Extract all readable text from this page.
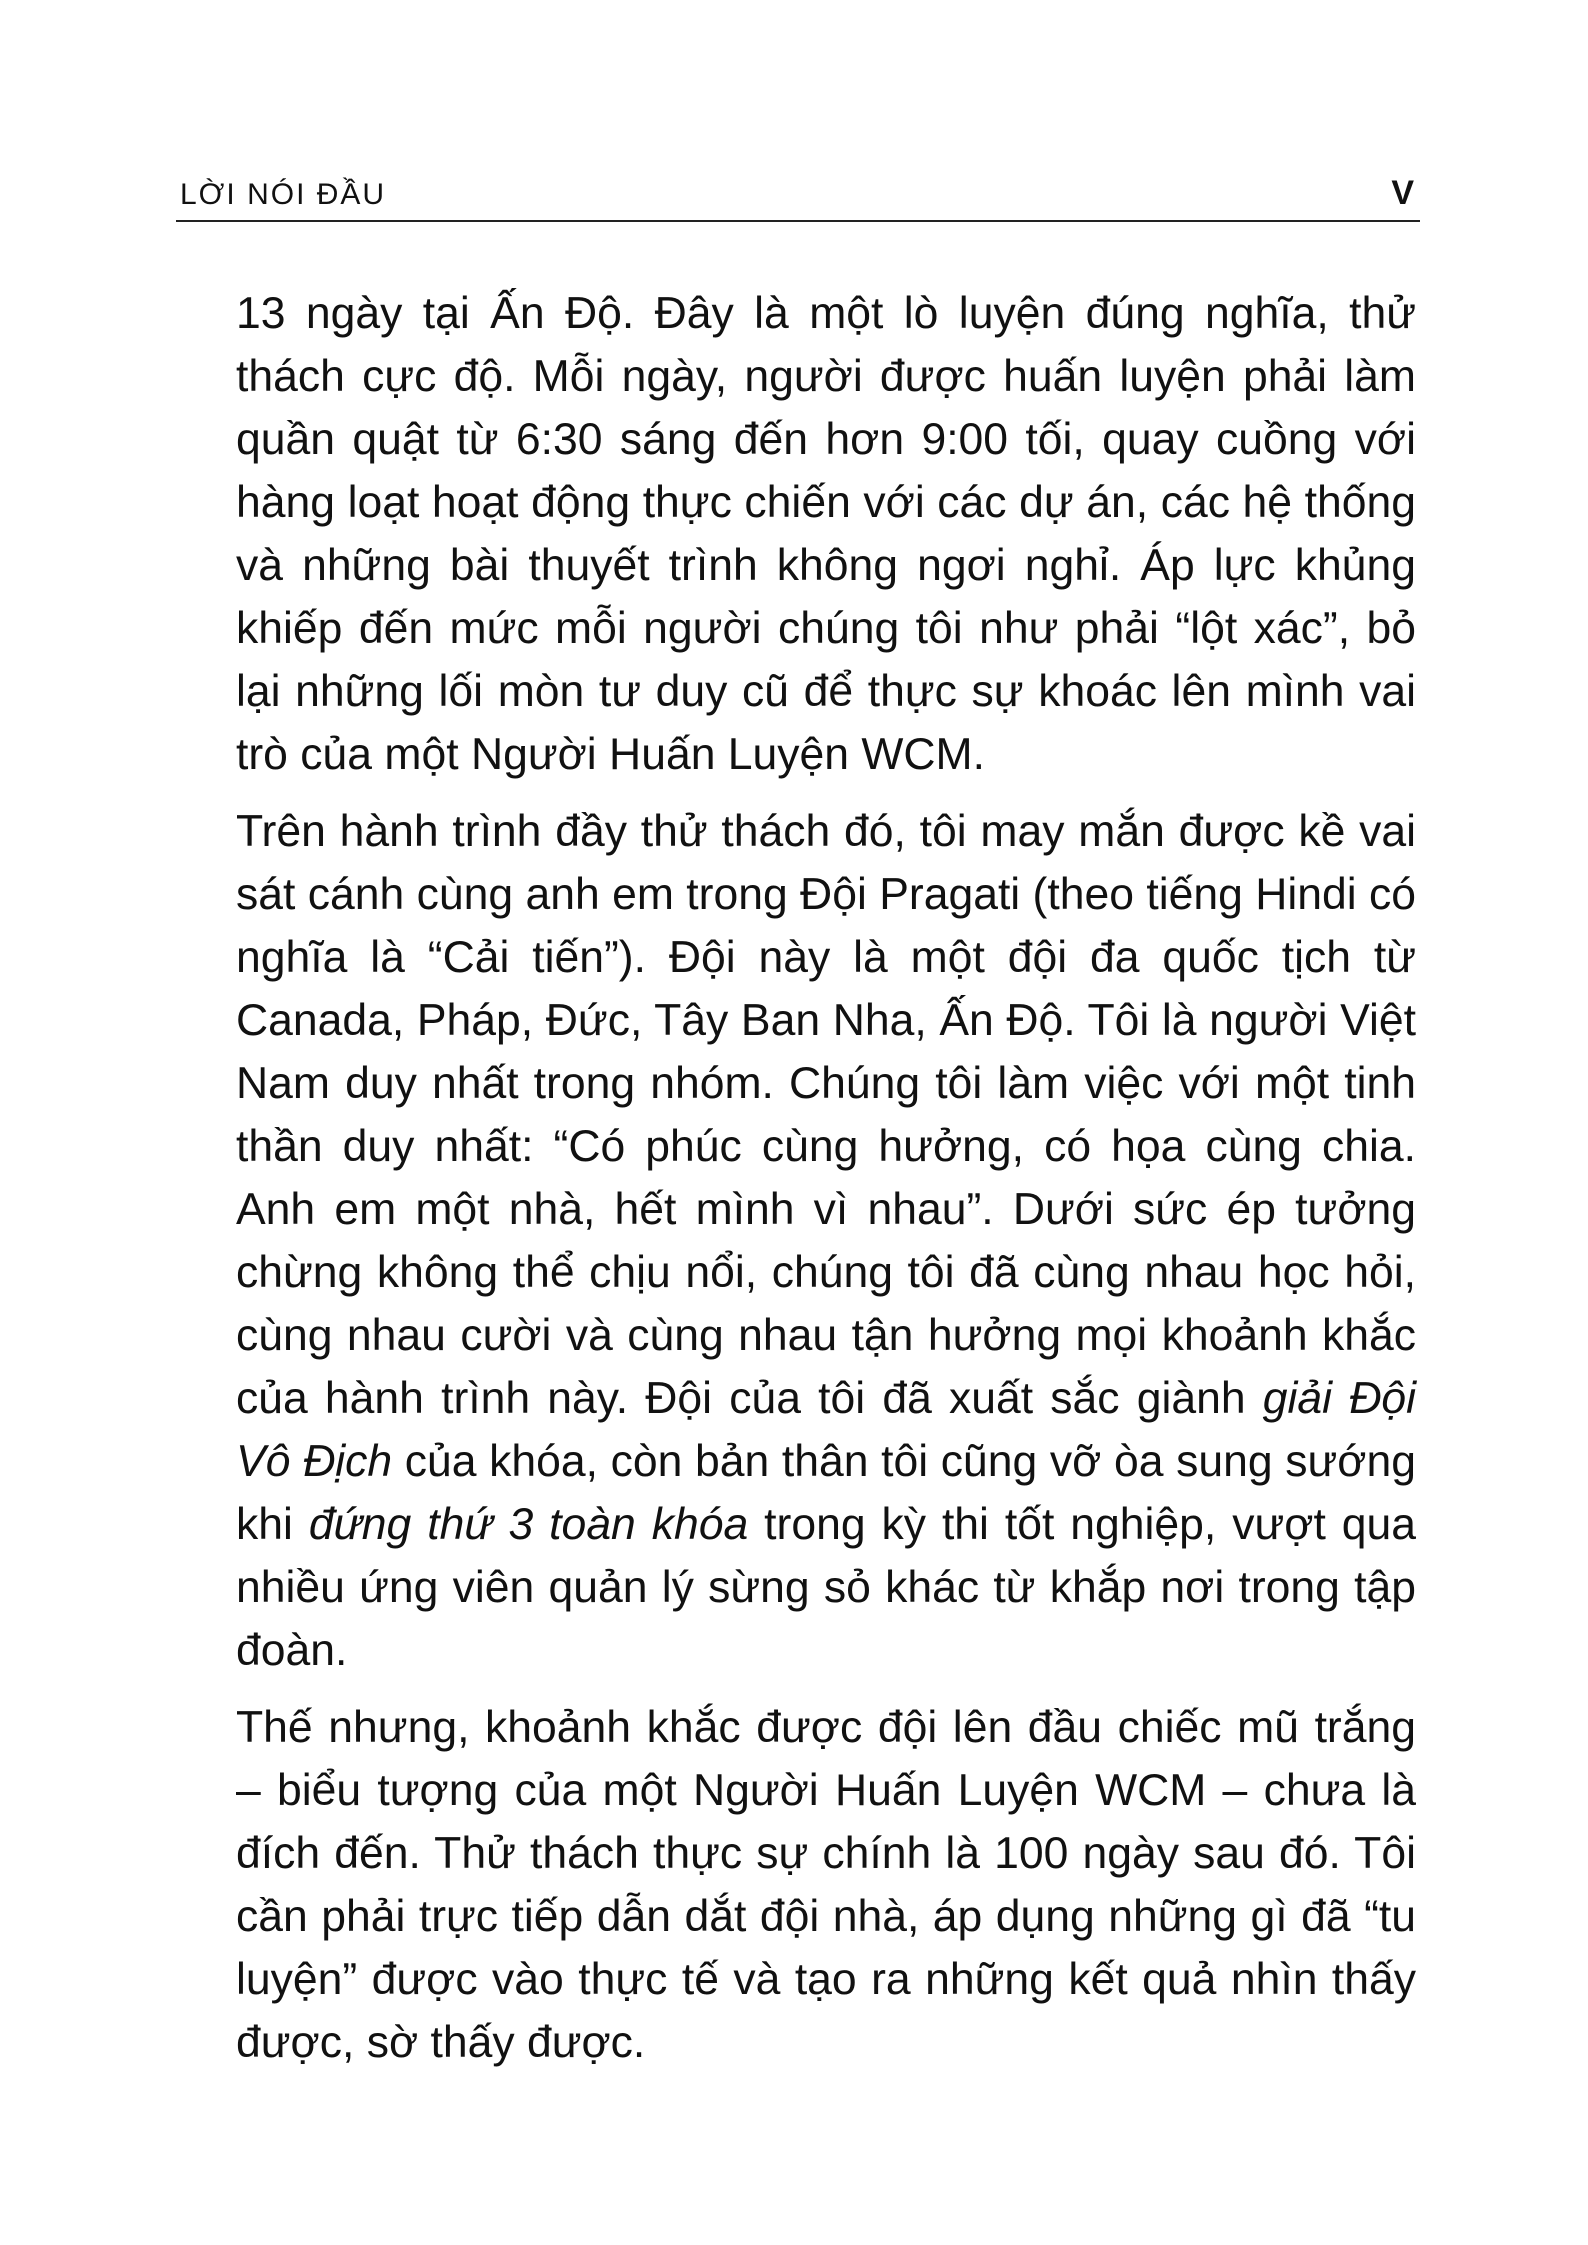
LỜI NÓI ĐẦU	V

13 ngày tại Ấn Độ. Đây là một lò luyện đúng nghĩa, thử thách cực độ. Mỗi ngày, người được huấn luyện phải làm quần quật từ 6:30 sáng đến hơn 9:00 tối, quay cuồng với hàng loạt hoạt động thực chiến với các dự án, các hệ thống và những bài thuyết trình không ngơi nghỉ. Áp lực khủng khiếp đến mức mỗi người chúng tôi như phải “lột xác”, bỏ lại những lối mòn tư duy cũ để thực sự khoác lên mình vai trò của một Người Huấn Luyện WCM.

Trên hành trình đầy thử thách đó, tôi may mắn được kề vai sát cánh cùng anh em trong Đội Pragati (theo tiếng Hindi có nghĩa là “Cải tiến”). Đội này là một đội đa quốc tịch từ Canada, Pháp, Đức, Tây Ban Nha, Ấn Độ. Tôi là người Việt Nam duy nhất trong nhóm. Chúng tôi làm việc với một tinh thần duy nhất: “Có phúc cùng hưởng, có họa cùng chia. Anh em một nhà, hết mình vì nhau”. Dưới sức ép tưởng chừng không thể chịu nổi, chúng tôi đã cùng nhau học hỏi, cùng nhau cười và cùng nhau tận hưởng mọi khoảnh khắc của hành trình này. Đội của tôi đã xuất sắc giành giải Đội Vô Địch của khóa, còn bản thân tôi cũng vỡ òa sung sướng khi đứng thứ 3 toàn khóa trong kỳ thi tốt nghiệp, vượt qua nhiều ứng viên quản lý sừng sỏ khác từ khắp nơi trong tập đoàn.

Thế nhưng, khoảnh khắc được đội lên đầu chiếc mũ trắng – biểu tượng của một Người Huấn Luyện WCM – chưa là đích đến. Thử thách thực sự chính là 100 ngày sau đó. Tôi cần phải trực tiếp dẫn dắt đội nhà, áp dụng những gì đã “tu luyện” được vào thực tế và tạo ra những kết quả nhìn thấy được, sờ thấy được.
